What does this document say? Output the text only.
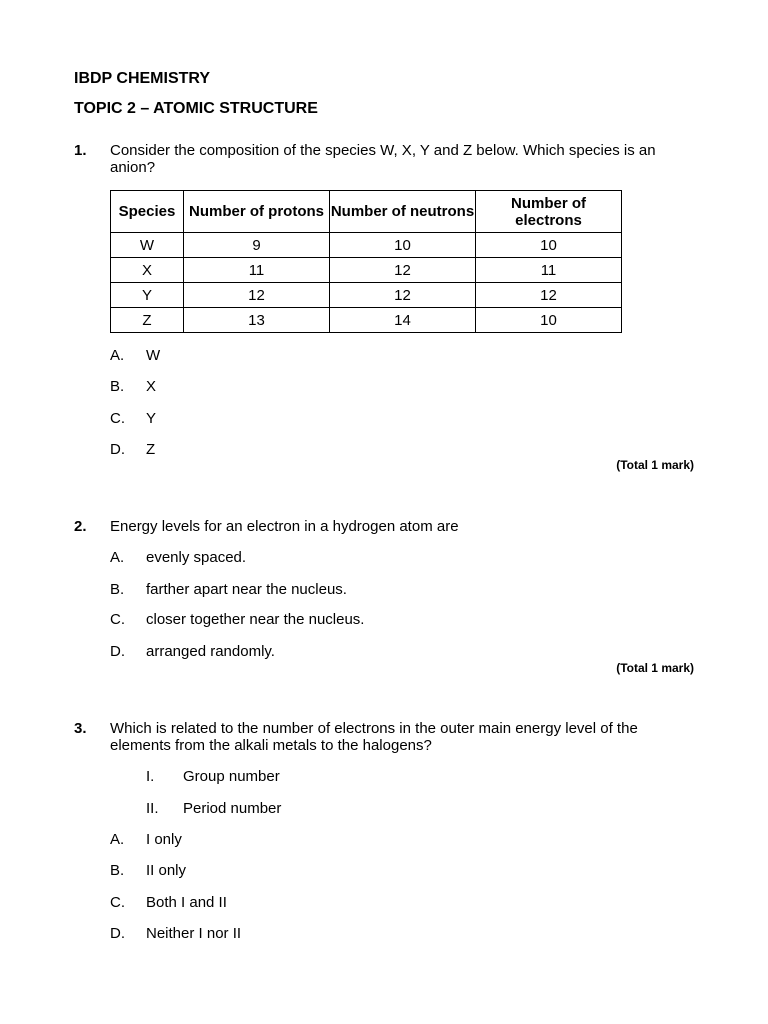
IBDP CHEMISTRY
TOPIC 2 – ATOMIC STRUCTURE
1. Consider the composition of the species W, X, Y and Z below. Which species is an anion?
Species	Number of protons	Number of neutrons	Number of electrons
W	9	10	10
X	11	12	11
Y	12	12	12
Z	13	14	10
A. W
B. X
C. Y
D. Z
(Total 1 mark)
2. Energy levels for an electron in a hydrogen atom are
A. evenly spaced.
B. farther apart near the nucleus.
C. closer together near the nucleus.
D. arranged randomly.
(Total 1 mark)
3. Which is related to the number of electrons in the outer main energy level of the elements from the alkali metals to the halogens?
I. Group number
II. Period number
A. I only
B. II only
C. Both I and II
D. Neither I nor II
